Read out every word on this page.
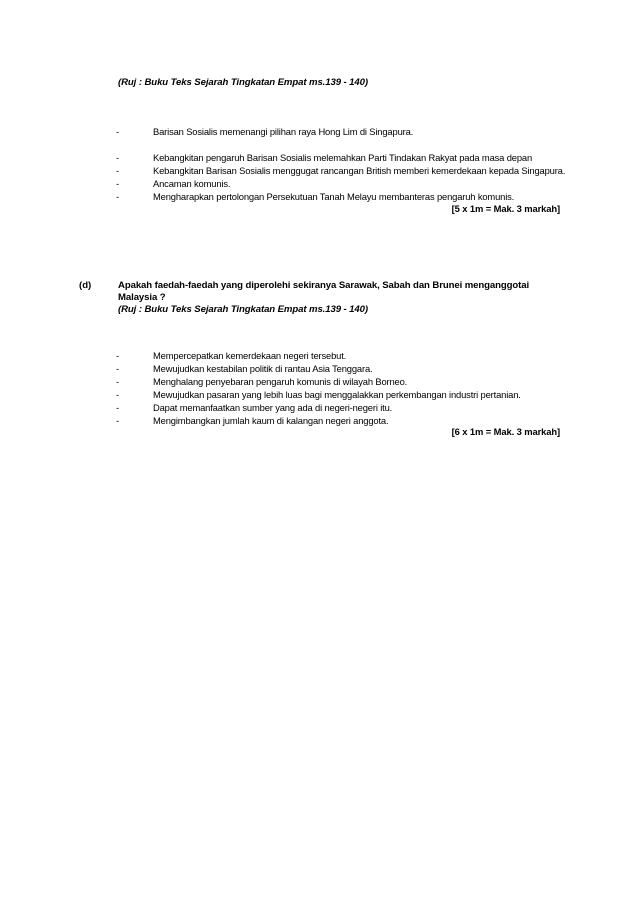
(Ruj : Buku Teks Sejarah Tingkatan Empat ms.139 - 140)
-	Barisan Sosialis memenangi pilihan raya Hong Lim di Singapura.
-	Kebangkitan pengaruh Barisan Sosialis melemahkan Parti Tindakan Rakyat pada masa depan
-	Kebangkitan Barisan Sosialis menggugat rancangan British memberi kemerdekaan kepada Singapura.
-	Ancaman komunis.
-	Mengharapkan pertolongan Persekutuan Tanah Melayu membanteras pengaruh komunis.
[5 x 1m = Mak. 3 markah]
(d)	Apakah faedah-faedah yang diperolehi sekiranya Sarawak, Sabah dan Brunei menganggotai
Malaysia ?
(Ruj : Buku Teks Sejarah Tingkatan Empat ms.139 - 140)
-	Mempercepatkan kemerdekaan negeri tersebut.
-	Mewujudkan kestabilan politik di rantau Asia Tenggara.
-	Menghalang penyebaran pengaruh komunis di wilayah Borneo.
-	Mewujudkan pasaran yang lebih luas bagi menggalakkan perkembangan industri pertanian.
-	Dapat memanfaatkan sumber yang ada di negeri-negeri itu.
-	Mengimbangkan jumlah kaum di kalangan negeri anggota.
[6 x 1m = Mak. 3 markah]
